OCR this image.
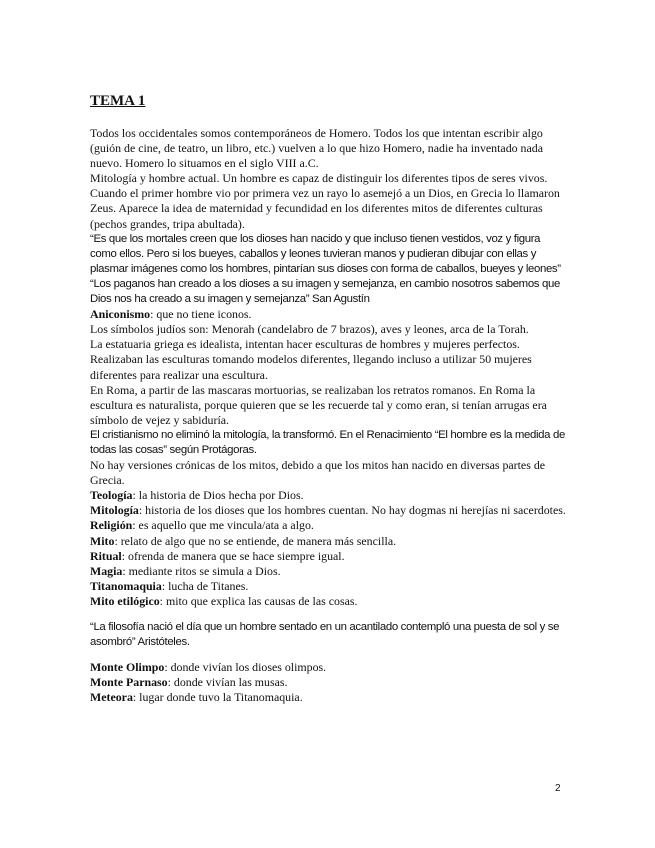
TEMA 1

Todos los occidentales somos contemporáneos de Homero. Todos los que intentan escribir algo (guión de cine, de teatro, un libro, etc.) vuelven a lo que hizo Homero, nadie ha inventado nada nuevo. Homero lo situamos en el siglo VIII a.C.

Mitología y hombre actual. Un hombre es capaz de distinguir los diferentes tipos de seres vivos. Cuando el primer hombre vio por primera vez un rayo lo asemejó a un Dios, en Grecia lo llamaron Zeus. Aparece la idea de maternidad y fecundidad en los diferentes mitos de diferentes culturas (pechos grandes, tripa abultada).

“Es que los mortales creen que los dioses han nacido y que incluso tienen vestidos, voz y figura como ellos. Pero si los bueyes, caballos y leones tuvieran manos y pudieran dibujar con ellas y plasmar imágenes como los hombres, pintarían sus dioses con forma de caballos, bueyes y leones”

“Los paganos han creado a los dioses a su imagen y semejanza, en cambio nosotros sabemos que Dios nos ha creado a su imagen y semejanza” San Agustín

Aniconismo: que no tiene iconos.

Los símbolos judíos son: Menorah (candelabro de 7 brazos), aves y leones, arca de la Torah.

La estatuaria griega es idealista, intentan hacer esculturas de hombres y mujeres perfectos. Realizaban las esculturas tomando modelos diferentes, llegando incluso a utilizar 50 mujeres diferentes para realizar una escultura.

En Roma, a partir de las mascaras mortuorias, se realizaban los retratos romanos. En Roma la escultura es naturalista, porque quieren que se les recuerde tal y como eran, si tenían arrugas era símbolo de vejez y sabiduría.

El cristianismo no eliminó la mitología, la transformó. En el Renacimiento “El hombre es la medida de todas las cosas” según Protágoras.

No hay versiones crónicas de los mitos, debido a que los mitos han nacido en diversas partes de Grecia.

Teología: la historia de Dios hecha por Dios.

Mitología: historia de los dioses que los hombres cuentan. No hay dogmas ni herejías ni sacerdotes.

Religión: es aquello que me vincula/ata a algo.

Mito: relato de algo que no se entiende, de manera más sencilla.

Ritual: ofrenda de manera que se hace siempre igual.

Magia: mediante ritos se simula a Dios.

Titanomaquia: lucha de Titanes.

Mito etilógico: mito que explica las causas de las cosas.

“La filosofía nació el día que un hombre sentado en un acantilado contempló una puesta de sol y se asombró” Aristóteles.

Monte Olimpo: donde vivían los dioses olimpos.

Monte Parnaso: donde vivían las musas.

Meteora: lugar donde tuvo la Titanomaquia.

2
